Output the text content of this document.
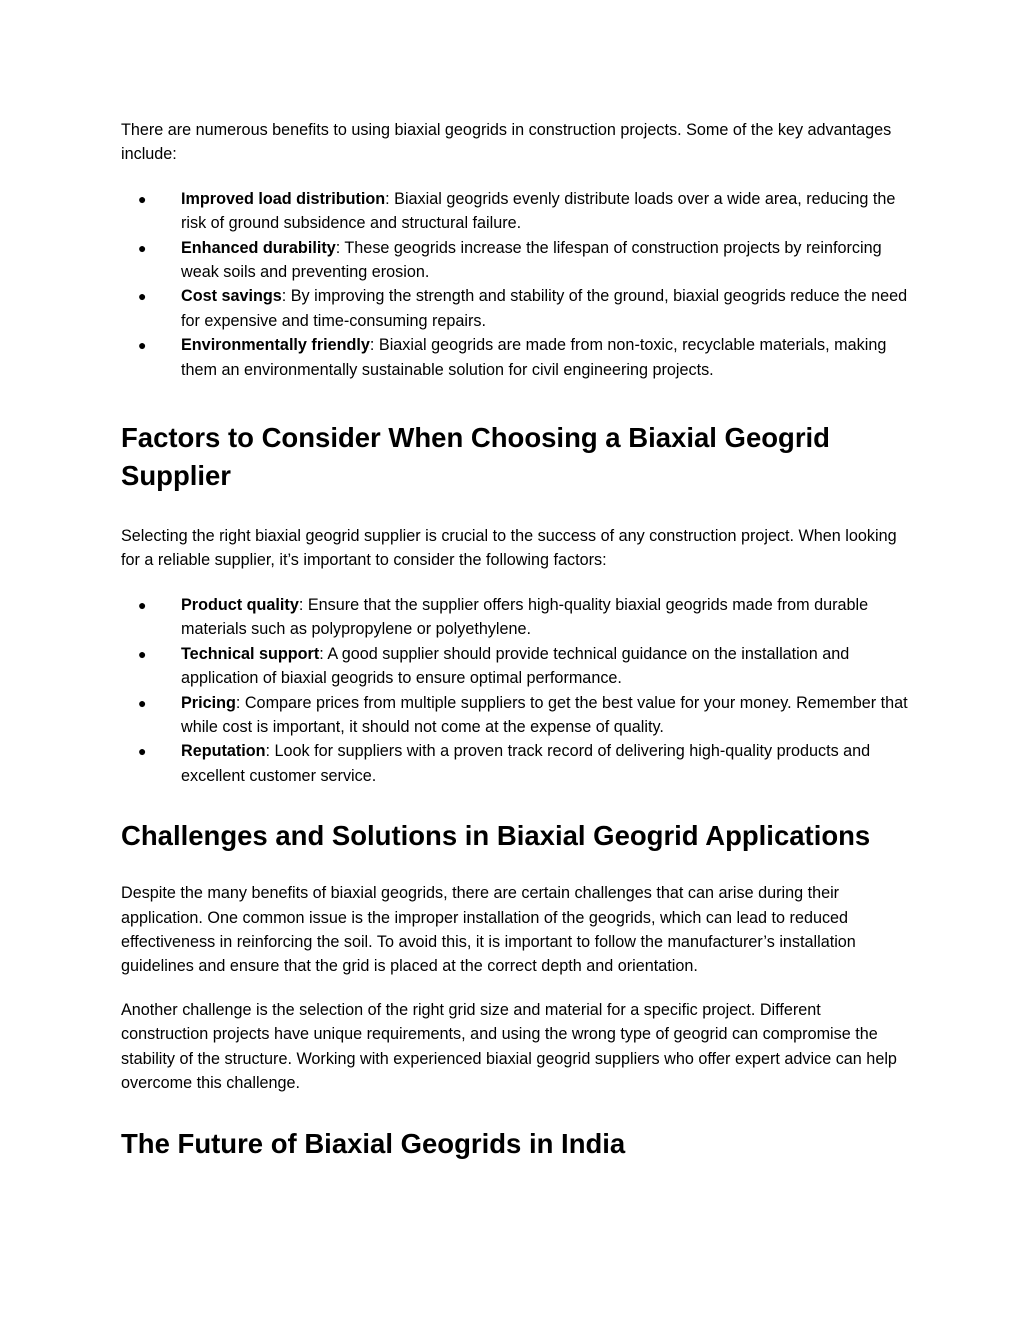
There are numerous benefits to using biaxial geogrids in construction projects. Some of the key advantages include:

● Improved load distribution: Biaxial geogrids evenly distribute loads over a wide area, reducing the risk of ground subsidence and structural failure.
● Enhanced durability: These geogrids increase the lifespan of construction projects by reinforcing weak soils and preventing erosion.
● Cost savings: By improving the strength and stability of the ground, biaxial geogrids reduce the need for expensive and time-consuming repairs.
● Environmentally friendly: Biaxial geogrids are made from non-toxic, recyclable materials, making them an environmentally sustainable solution for civil engineering projects.
Factors to Consider When Choosing a Biaxial Geogrid Supplier

Selecting the right biaxial geogrid supplier is crucial to the success of any construction project. When looking for a reliable supplier, it’s important to consider the following factors:

● Product quality: Ensure that the supplier offers high-quality biaxial geogrids made from durable materials such as polypropylene or polyethylene.
● Technical support: A good supplier should provide technical guidance on the installation and application of biaxial geogrids to ensure optimal performance.
● Pricing: Compare prices from multiple suppliers to get the best value for your money. Remember that while cost is important, it should not come at the expense of quality.
● Reputation: Look for suppliers with a proven track record of delivering high-quality products and excellent customer service.
Challenges and Solutions in Biaxial Geogrid Applications

Despite the many benefits of biaxial geogrids, there are certain challenges that can arise during their application. One common issue is the improper installation of the geogrids, which can lead to reduced effectiveness in reinforcing the soil. To avoid this, it is important to follow the manufacturer’s installation guidelines and ensure that the grid is placed at the correct depth and orientation.

Another challenge is the selection of the right grid size and material for a specific project. Different construction projects have unique requirements, and using the wrong type of geogrid can compromise the stability of the structure. Working with experienced biaxial geogrid suppliers who offer expert advice can help overcome this challenge.

The Future of Biaxial Geogrids in India
